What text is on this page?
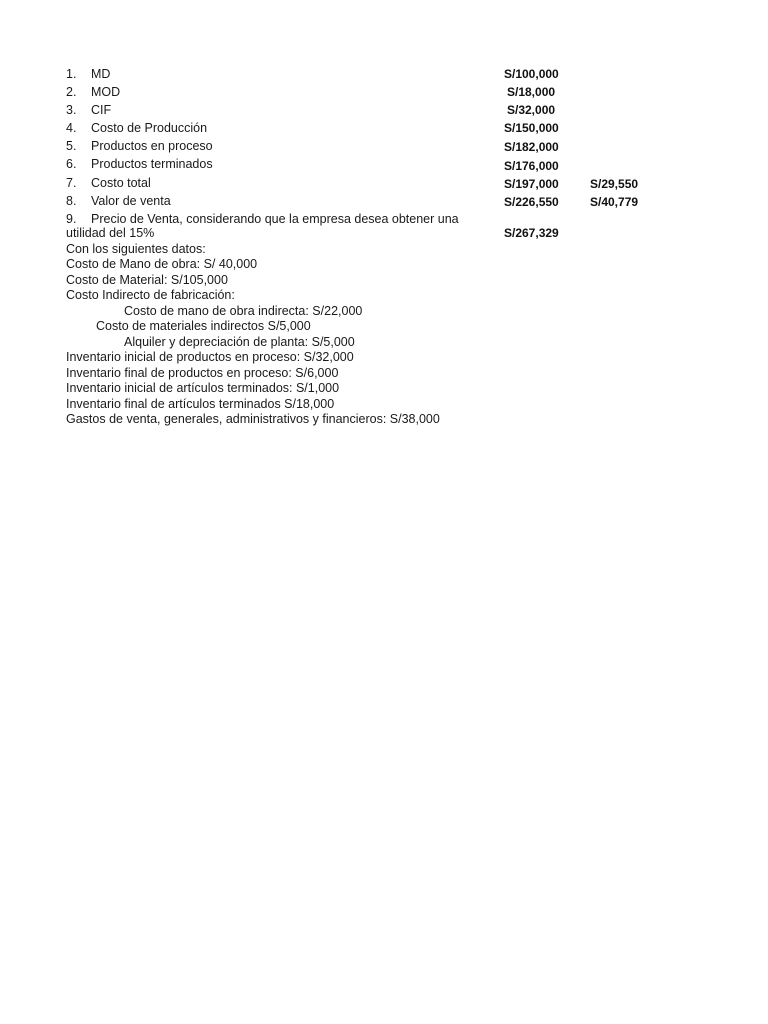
1.	MD	S/100,000
2.	MOD	S/18,000
3.	CIF	S/32,000
4.	Costo de Producción	S/150,000
5.	Productos en proceso	S/182,000
6.	Productos terminados	S/176,000
7.	Costo total	S/197,000	S/29,550
8.	Valor de venta	S/226,550	S/40,779
9.	Precio de Venta, considerando que la empresa desea obtener una
utilidad del 15%	S/267,329
Con los siguientes datos:
Costo de Mano de obra: S/ 40,000
Costo de Material: S/105,000
Costo Indirecto de fabricación:
Costo de mano de obra indirecta: S/22,000
Costo de materiales indirectos S/5,000
Alquiler y depreciación de planta: S/5,000
Inventario inicial de productos en proceso: S/32,000
Inventario final de productos en proceso: S/6,000
Inventario inicial de artículos terminados: S/1,000
Inventario final de artículos terminados S/18,000
Gastos de venta, generales, administrativos y financieros: S/38,000
